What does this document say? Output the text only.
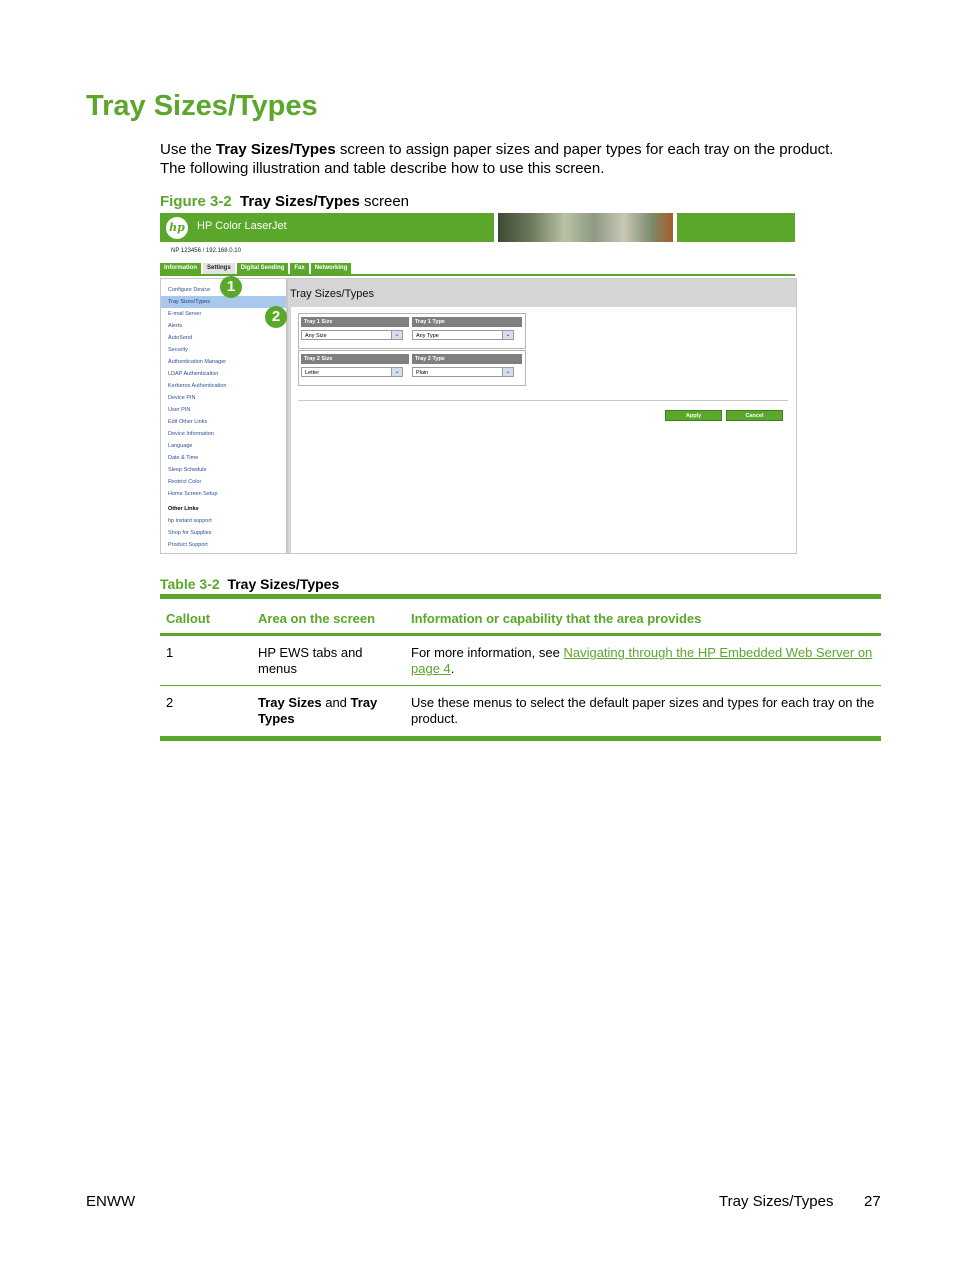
Tray Sizes/Types
Use the Tray Sizes/Types screen to assign paper sizes and paper types for each tray on the product.
The following illustration and table describe how to use this screen.
Figure 3-2 Tray Sizes/Types screen
hp HP Color LaserJet
NP 123456 / 192.168.0.10
Information	Settings	Digital Sending	Fax	Networking
Configure Device
Tray Sizes/Types
E-mail Server
Alerts
AutoSend
Security
Authentication Manager
LDAP Authentication
Kerberos Authentication
Device PIN
User PIN
Edit Other Links
Device Information
Language
Date & Time
Sleep Schedule
Restrict Color
Home Screen Setup
Other Links
hp instant support
Shop for Supplies
Product Support
Tray Sizes/Types
Tray 1 Size	Tray 1 Type
Any Size	⌄	Any Type	⌄
Tray 2 Size	Tray 2 Type
Letter	⌄	Plain	⌄
Apply	Cancel
1
2
Table 3-2 Tray Sizes/Types
Callout	Area on the screen	Information or capability that the area provides
1	HP EWS tabs and menus	For more information, see Navigating through the HP Embedded Web Server on page 4.
2	Tray Sizes and Tray Types	Use these menus to select the default paper sizes and types for each tray on the product.
ENWW	Tray Sizes/Types 27
